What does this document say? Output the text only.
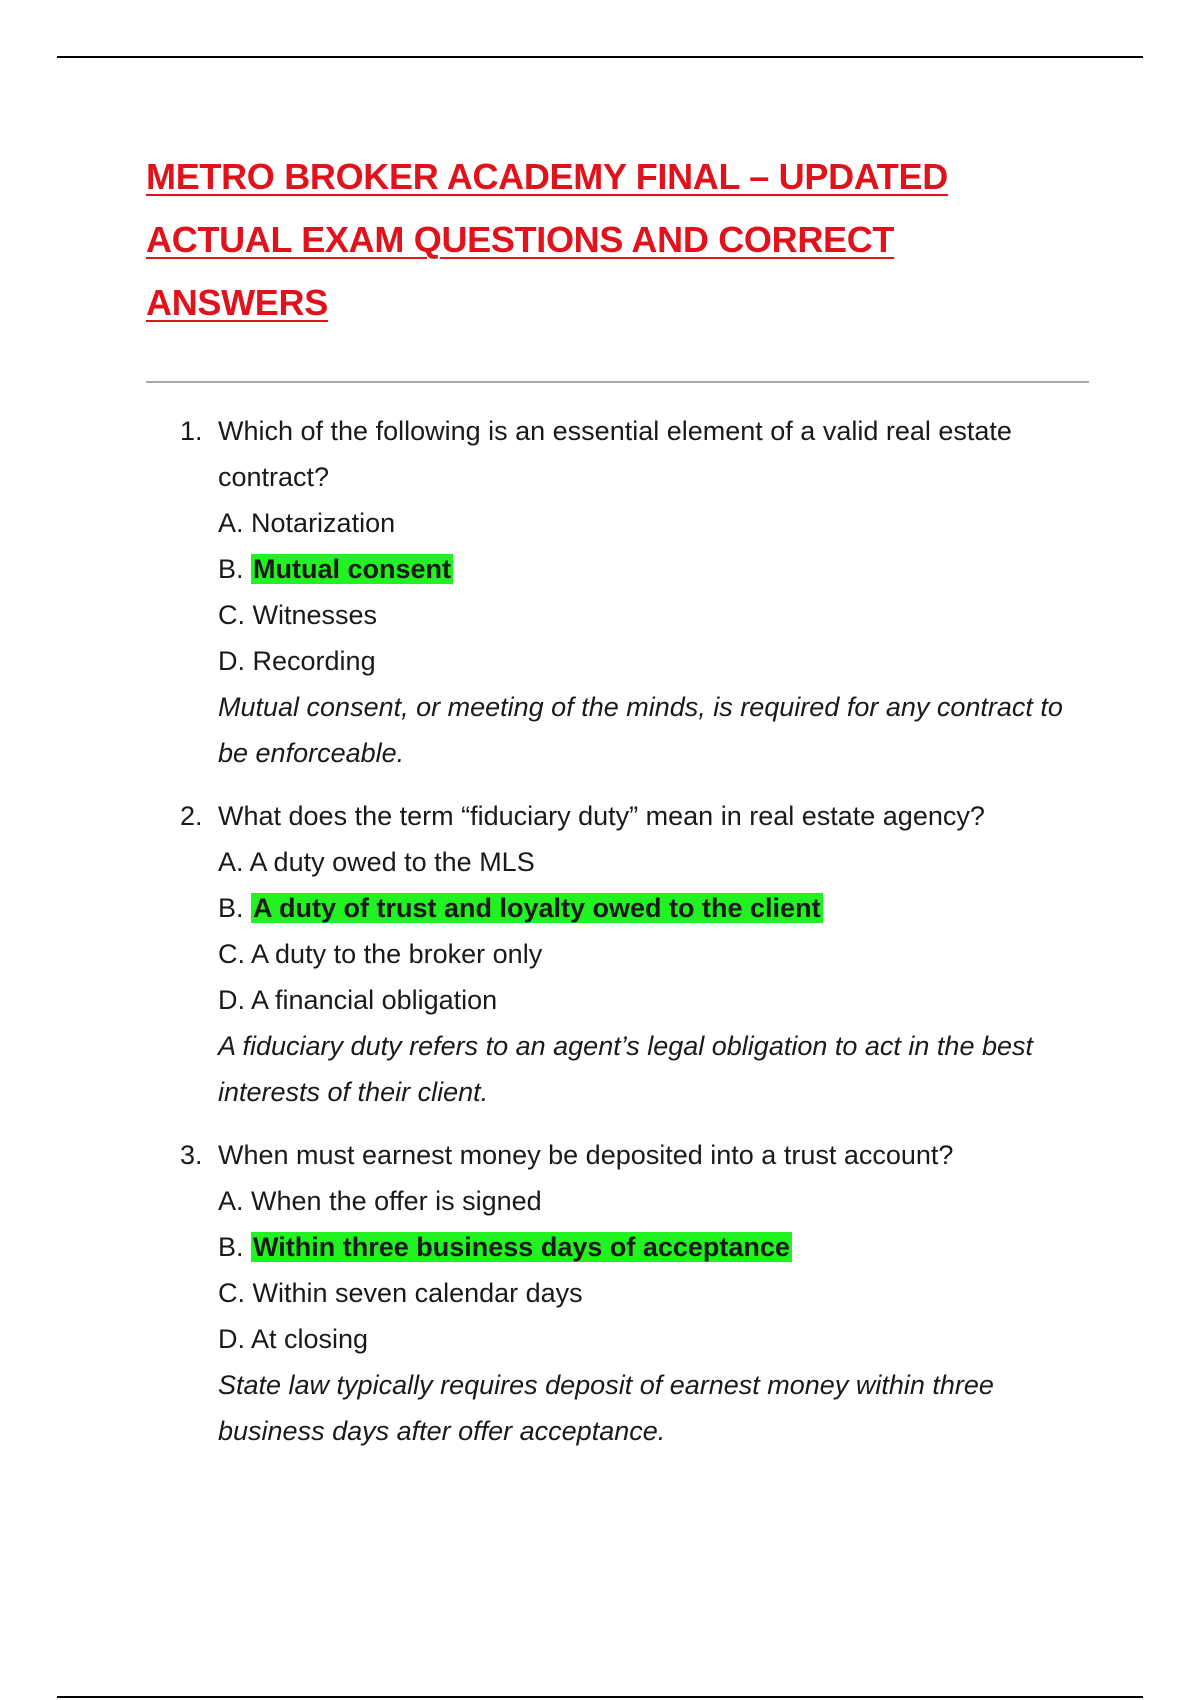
METRO BROKER ACADEMY FINAL – UPDATED
ACTUAL EXAM QUESTIONS AND CORRECT
ANSWERS
1. Which of the following is an essential element of a valid real estate contract?
A. Notarization
B. Mutual consent
C. Witnesses
D. Recording
Mutual consent, or meeting of the minds, is required for any contract to be enforceable.
2. What does the term “fiduciary duty” mean in real estate agency?
A. A duty owed to the MLS
B. A duty of trust and loyalty owed to the client
C. A duty to the broker only
D. A financial obligation
A fiduciary duty refers to an agent’s legal obligation to act in the best interests of their client.
3. When must earnest money be deposited into a trust account?
A. When the offer is signed
B. Within three business days of acceptance
C. Within seven calendar days
D. At closing
State law typically requires deposit of earnest money within three business days after offer acceptance.
